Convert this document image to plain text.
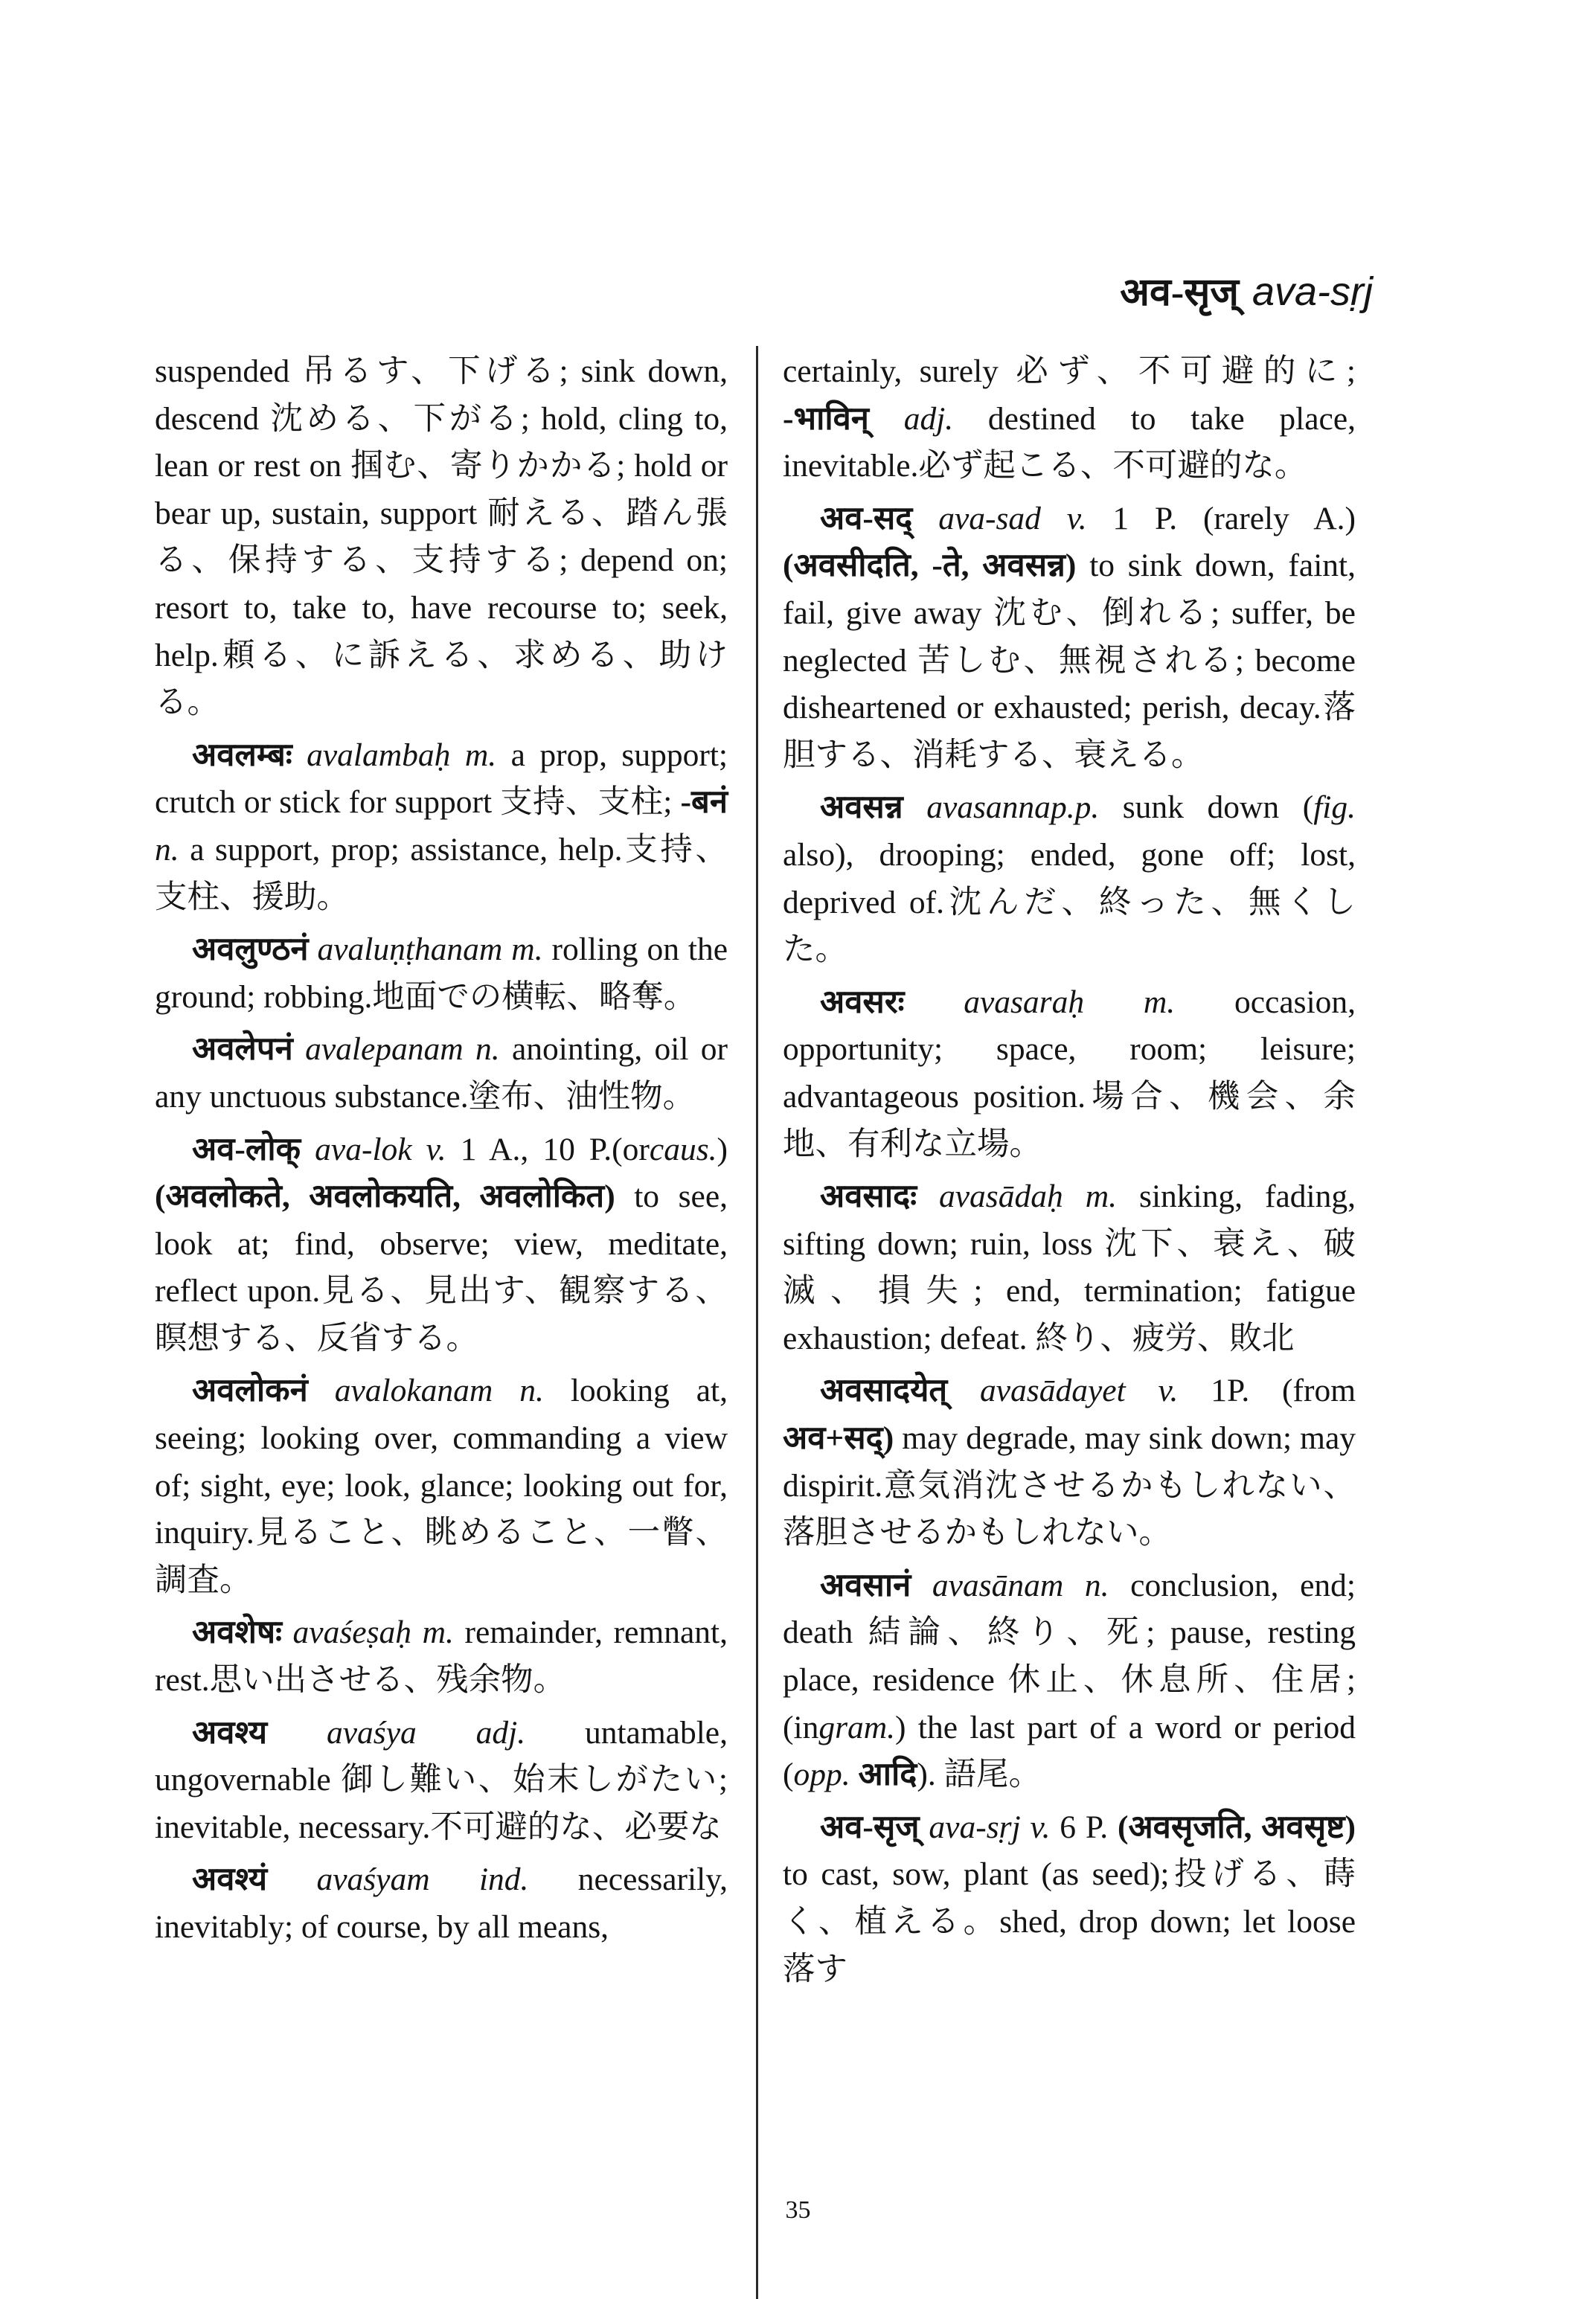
अव-सृज् ava-sṛj

suspended 吊るす、下げる; sink down, descend 沈める、下がる; hold, cling to, lean or rest on 掴む、寄りかかる; hold or bear up, sustain, support 耐える、踏ん張る、保持する、支持する; depend on; resort to, take to, have recourse to; seek, help.頼る、に訴える、求める、助ける。

अवलम्बः avalambaḥ m. a prop, support; crutch or stick for support 支持、支柱; -बनं n. a support, prop; assistance, help.支持、支柱、援助。

अवलुण्ठनं avaluṇṭhanam m. rolling on the ground; robbing.地面での横転、略奪。

अवलेपनं avalepanam n. anointing, oil or any unctuous substance.塗布、油性物。

अव-लोक् ava-lok v. 1 A., 10 P.(orcaus.) (अवलोकते, अवलोकयति, अवलोकित) to see, look at; find, observe; view, meditate, reflect upon.見る、見出す、観察する、瞑想する、反省する。

अवलोकनं avalokanam n. looking at, seeing; looking over, commanding a view of; sight, eye; look, glance; looking out for, inquiry.見ること、眺めること、一瞥、調査。

अवशेषः avaśeṣaḥ m. remainder, remnant, rest.思い出させる、残余物。

अवश्य avaśya adj. untamable, ungovernable 御し難い、始末しがたい; inevitable, necessary.不可避的な、必要な

अवश्यं avaśyam ind. necessarily, inevitably; of course, by all means,

certainly, surely 必ず、不可避的に; -भाविन् adj. destined to take place, inevitable.必ず起こる、不可避的な。

अव-सद् ava-sad v. 1 P. (rarely A.) (अवसीदति, -ते, अवसन्न) to sink down, faint, fail, give away 沈む、倒れる; suffer, be neglected 苦しむ、無視される; become disheartened or exhausted; perish, decay.落胆する、消耗する、衰える。

अवसन्न avasannap.p. sunk down (fig. also), drooping; ended, gone off; lost, deprived of.沈んだ、終った、無くした。

अवसरः avasaraḥ m. occasion, opportunity; space, room; leisure; advantageous position.場合、機会、余地、有利な立場。

अवसादः avasādaḥ m. sinking, fading, sifting down; ruin, loss 沈下、衰え、破滅、損失; end, termination; fatigue exhaustion; defeat. 終り、疲労、敗北

अवसादयेत् avasādayet v. 1P. (from अव+सद्) may degrade, may sink down; may dispirit.意気消沈させるかもしれない、落胆させるかもしれない。

अवसानं avasānam n. conclusion, end; death 結論、終り、死; pause, resting place, residence 休止、休息所、住居; (ingram.) the last part of a word or period (opp. आदि). 語尾。

अव-सृज् ava-sṛj v. 6 P. (अवसृजति, अवसृष्ट) to cast, sow, plant (as seed);投げる、蒔く、植える。shed, drop down; let loose 落す

35
